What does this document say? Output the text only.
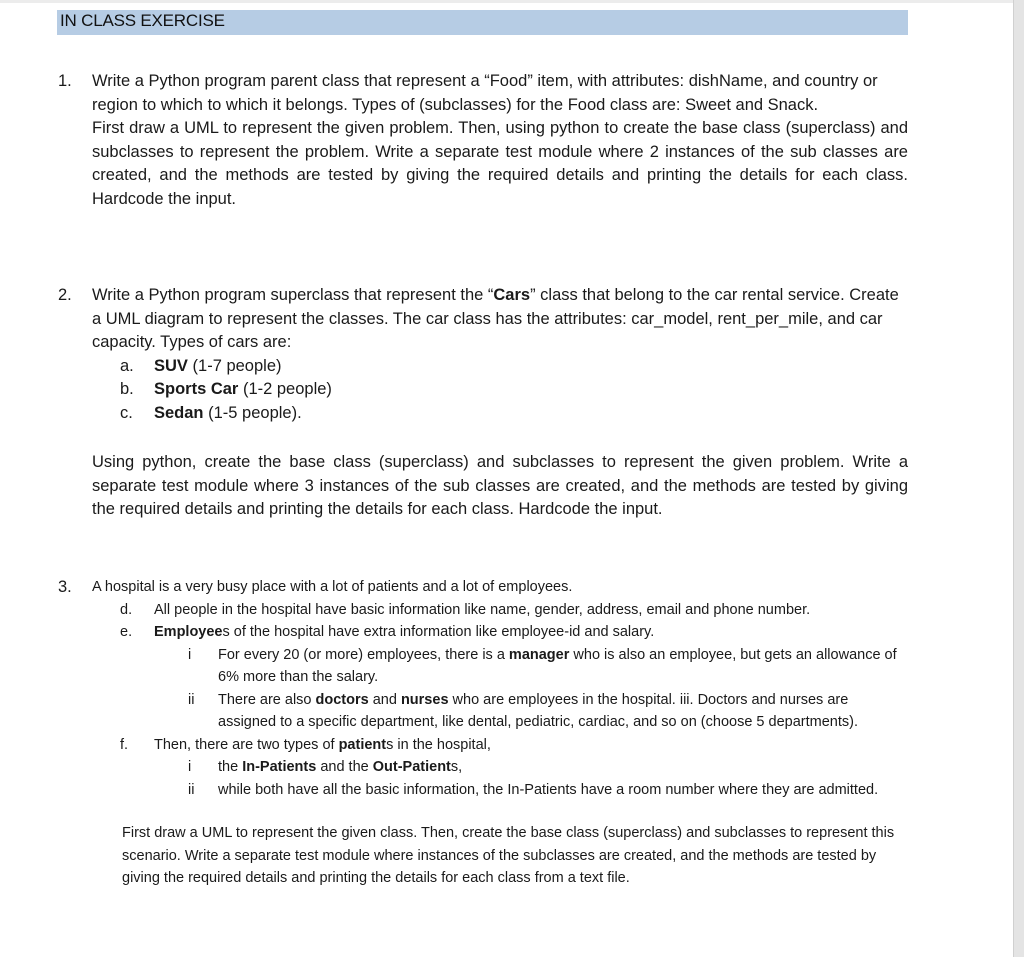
IN CLASS EXERCISE
1.	Write a Python program parent class that represent a “Food” item, with attributes: dishName, and country or region to which to which it belongs. Types of (subclasses) for the Food class are: Sweet and Snack.

First draw a UML to represent the given problem. Then, using python to create the base class (superclass) and subclasses to represent the problem. Write a separate test module where 2 instances of the sub classes are created, and the methods are tested by giving the required details and printing the details for each class. Hardcode the input.

2.	Write a Python program superclass that represent the “Cars” class that belong to the car rental service. Create a UML diagram to represent the classes. The car class has the attributes: car_model, rent_per_mile, and car capacity. Types of cars are:

a. SUV (1-7 people)
b. Sports Car (1-2 people)
c. Sedan (1-5 people).

Using python, create the base class (superclass) and subclasses to represent the given problem. Write a separate test module where 3 instances of the sub classes are created, and the methods are tested by giving the required details and printing the details for each class. Hardcode the input.

3.	A hospital is a very busy place with a lot of patients and a lot of employees.

d. All people in the hospital have basic information like name, gender, address, email and phone number.
e. Employees of the hospital have extra information like employee-id and salary.
i For every 20 (or more) employees, there is a manager who is also an employee, but gets an allowance of 6% more than the salary.
ii There are also doctors and nurses who are employees in the hospital. iii. Doctors and nurses are assigned to a specific department, like dental, pediatric, cardiac, and so on (choose 5 departments).
f. Then, there are two types of patients in the hospital,
i the In-Patients and the Out-Patients,
ii while both have all the basic information, the In-Patients have a room number where they are admitted.

First draw a UML to represent the given class. Then, create the base class (superclass) and subclasses to represent this scenario. Write a separate test module where instances of the subclasses are created, and the methods are tested by giving the required details and printing the details for each class from a text file.
